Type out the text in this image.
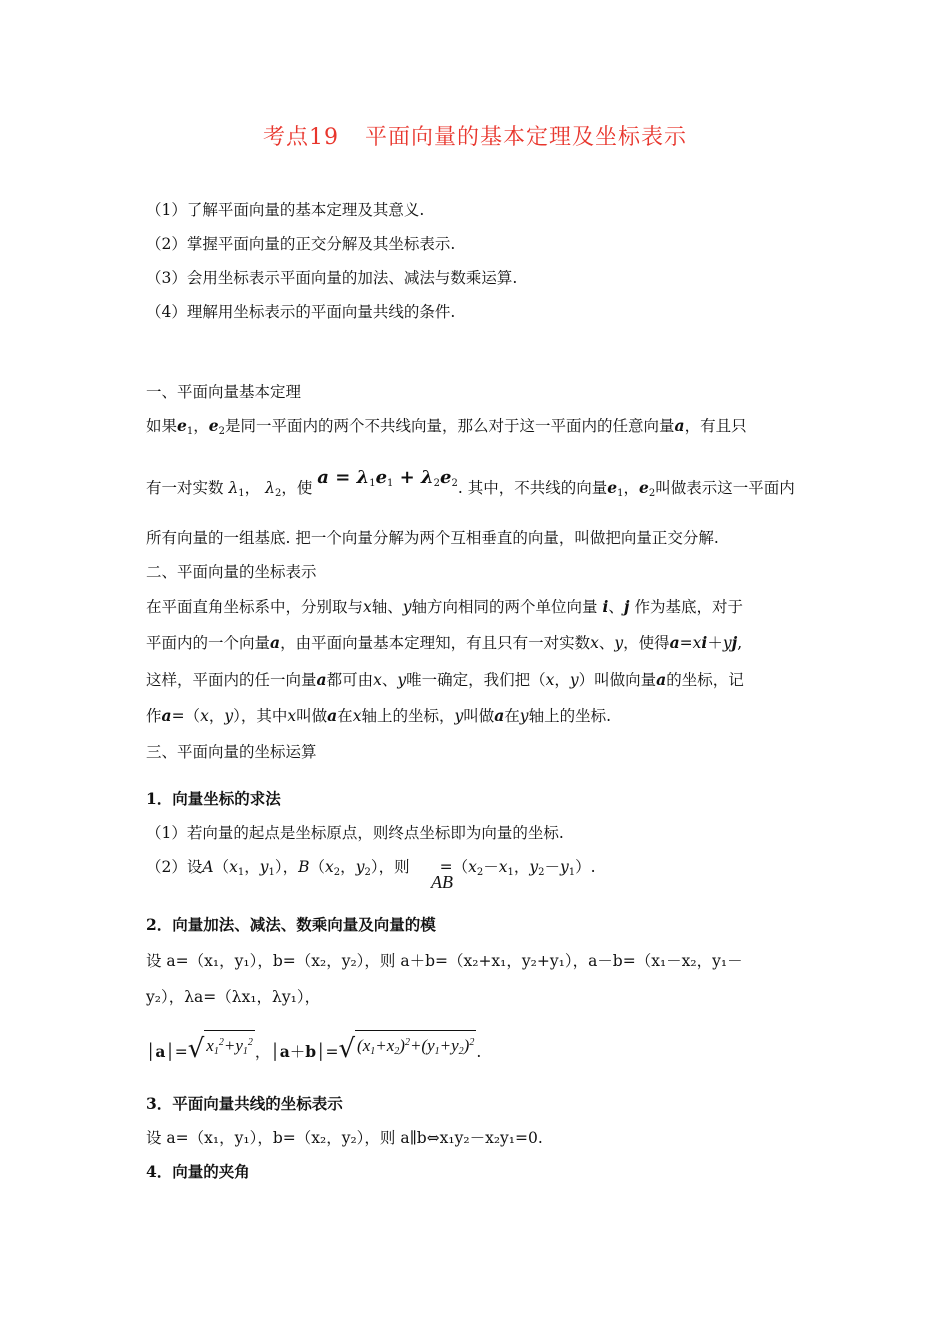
考点19 平面向量的基本定理及坐标表示
（1）了解平面向量的基本定理及其意义.
（2）掌握平面向量的正交分解及其坐标表示.
（3）会用坐标表示平面向量的加法、减法与数乘运算.
（4）理解用坐标表示的平面向量共线的条件.
一、平面向量基本定理
如果$e_1$，$e_2$是同一平面内的两个不共线向量，那么对于这一平面内的任意向量a，有且只
有一对实数 $\lambda_1$， $\lambda_2$，使 $a = \lambda_1e_1 + \lambda_2e_2$. 其中，不共线的向量$e_1$，$e_2$叫做表示这一平面内
所有向量的一组基底. 把一个向量分解为两个互相垂直的向量，叫做把向量正交分解.
二、平面向量的坐标表示
在平面直角坐标系中，分别取与x轴、y轴方向相同的两个单位向量 i、j 作为基底，对于
平面内的一个向量a，由平面向量基本定理知，有且只有一对实数x、y，使得a=xi＋yj,
这样，平面内的任一向量a都可由x、y唯一确定，我们把（x，y）叫做向量a的坐标，记
作a=（x，y），其中x叫做a在x轴上的坐标，y叫做a在y轴上的坐标.
三、平面向量的坐标运算
1．向量坐标的求法
（1）若向量的起点是坐标原点，则终点坐标即为向量的坐标.
（2）设$A(x_1$，$y_1$），$B(x_2$，$y_2$），则 $=(x_2-x_1$，$y_2-y_1$）.
AB
2．向量加法、减法、数乘向量及向量的模
设 a=（x₁，y₁），b=（x₂，y₂），则 a＋b=（x₂+x₁，y₂+y₁），a－b=（x₁－x₂，y₁－
y₂），λa=（λx₁，λy₁），
│a│= √ $x_1^2+y_1^2$
，│a＋b│= √ $(x_1+x_2)^2+(y_1+y_2)^2$
.
3．平面向量共线的坐标表示
设 a=（x₁，y₁），b=（x₂，y₂），则 a∥b⇔x₁y₂－x₂y₁=0.
4．向量的夹角
